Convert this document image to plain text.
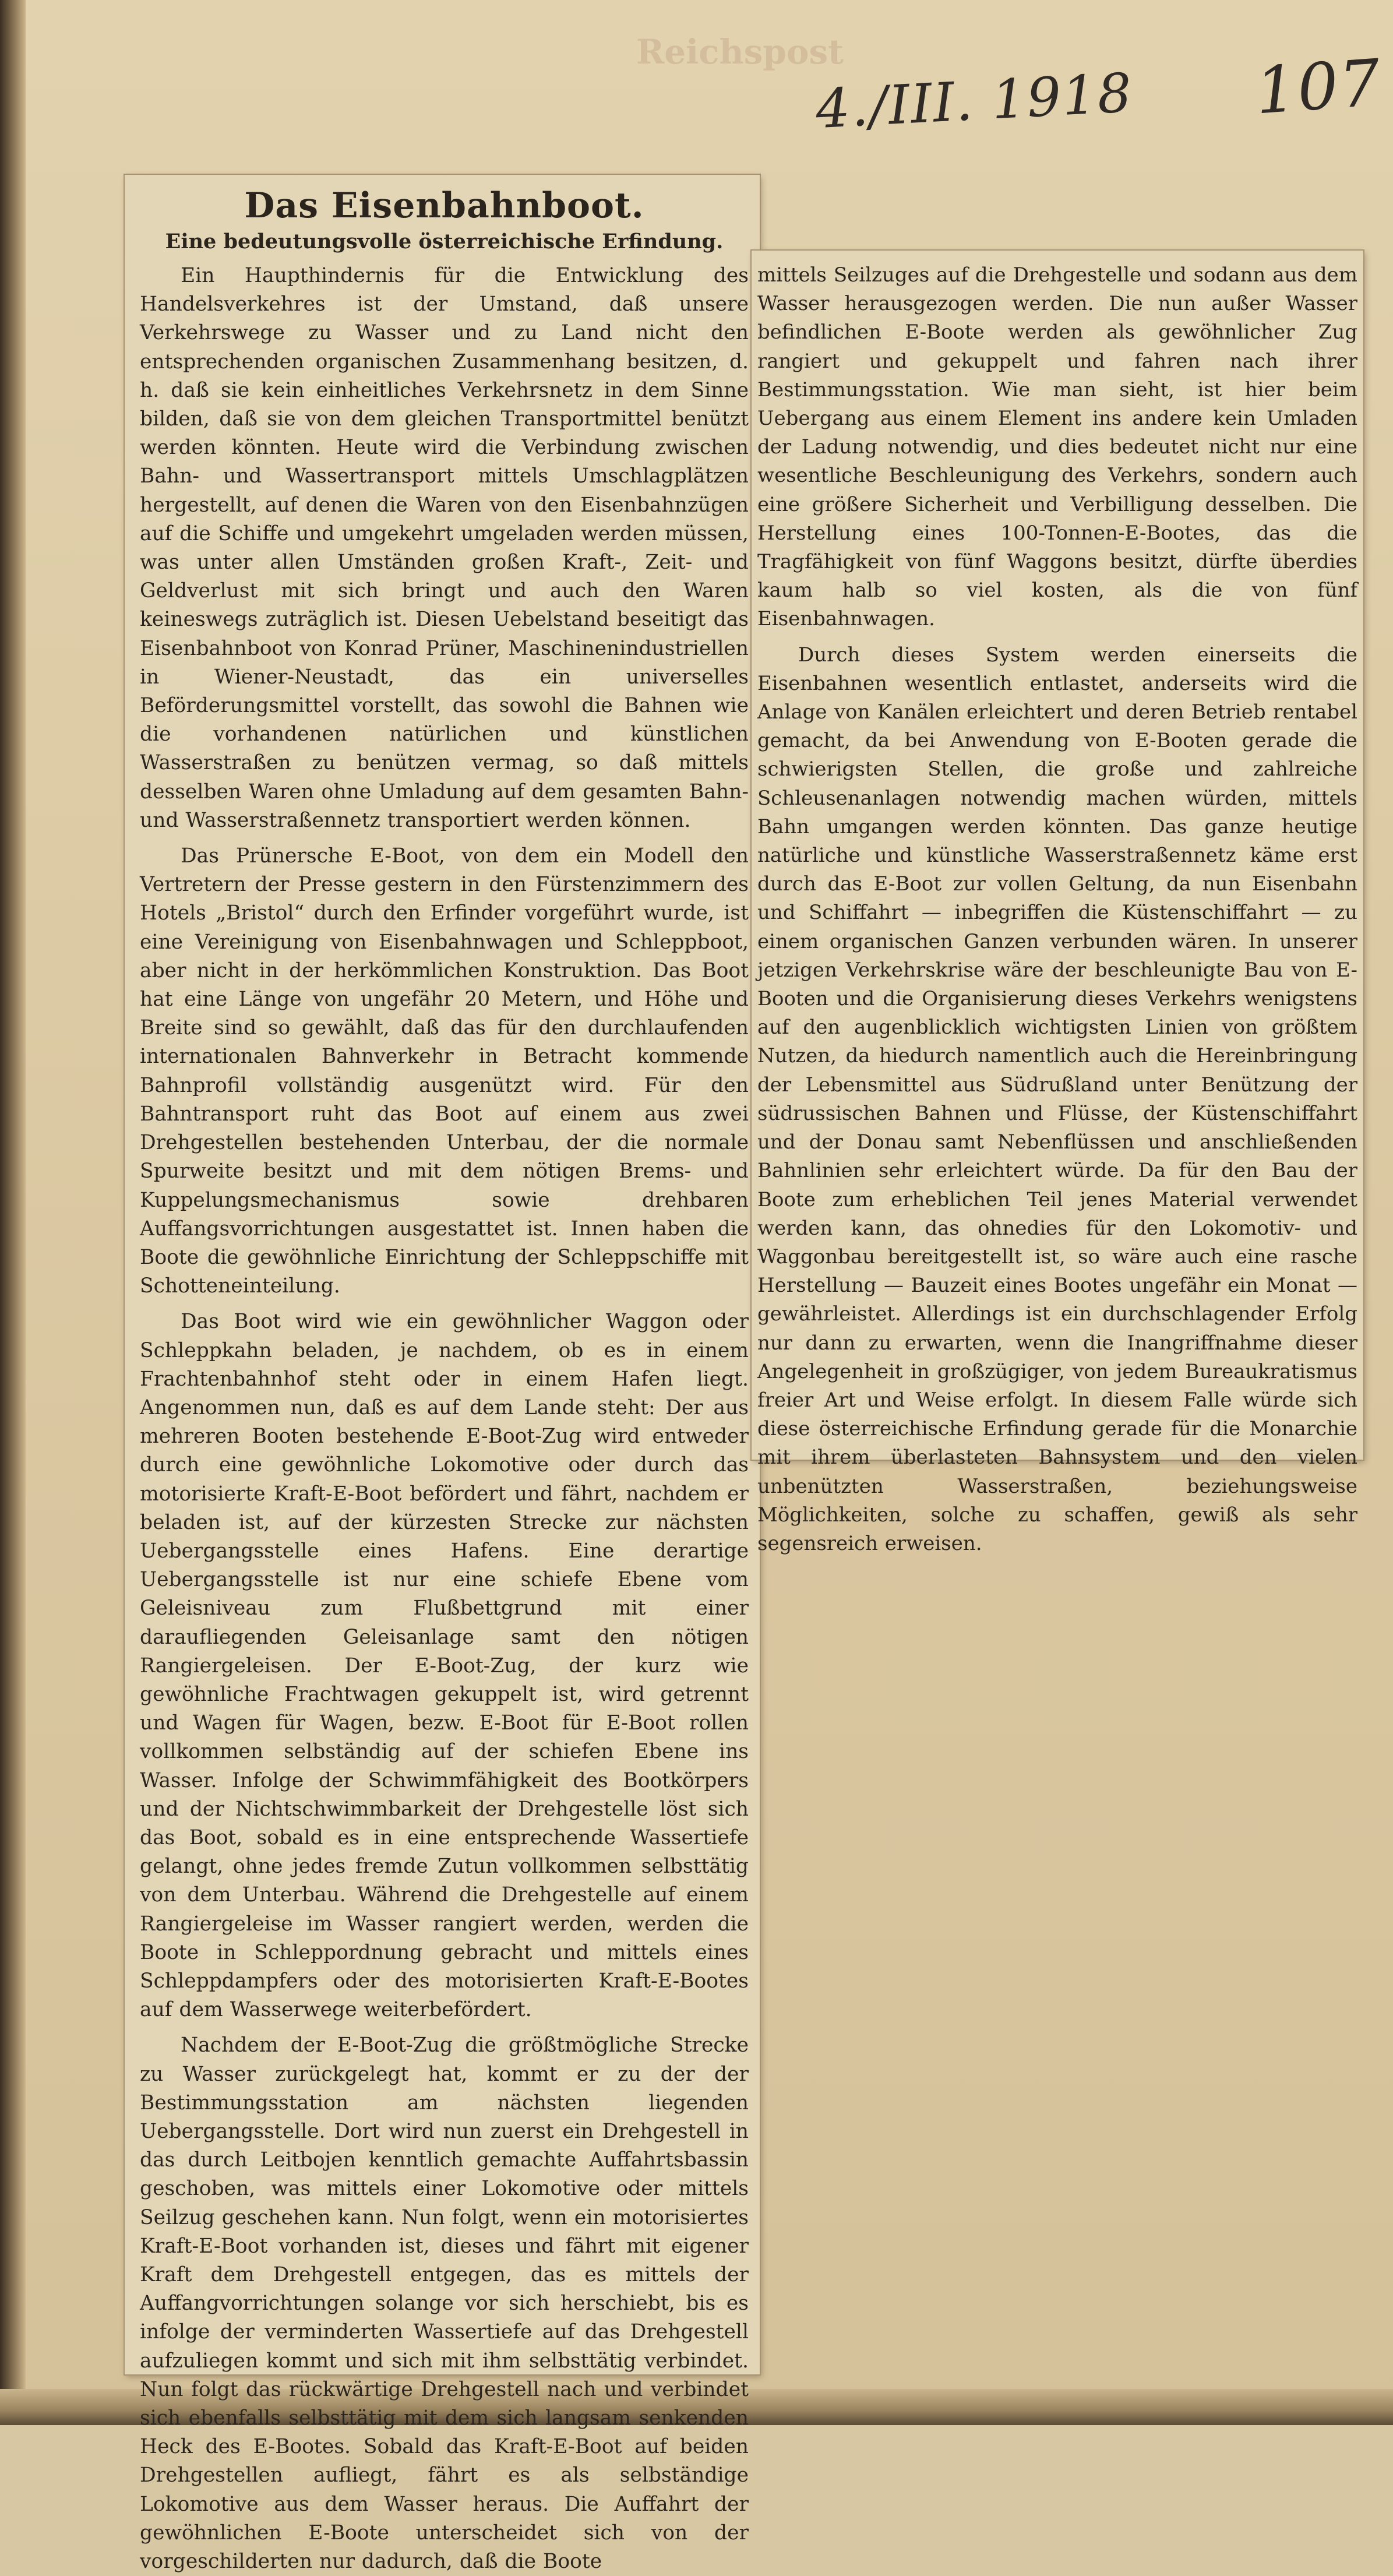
Reichspost
4./III. 1918 107
Das Eisenbahnboot.
Eine bedeutungsvolle österreichische Erfindung.

Ein Haupthindernis für die Entwicklung des Handelsverkehres ist der Umstand, daß unsere Verkehrswege zu Wasser und zu Land nicht den entsprechenden organischen Zusammenhang besitzen, d. h. daß sie kein einheitliches Verkehrsnetz in dem Sinne bilden, daß sie von dem gleichen Transportmittel benützt werden könnten. Heute wird die Verbindung zwischen Bahn- und Wassertransport mittels Umschlagplätzen hergestellt, auf denen die Waren von den Eisenbahnzügen auf die Schiffe und umgekehrt umgeladen werden müssen, was unter allen Umständen großen Kraft-, Zeit- und Geldverlust mit sich bringt und auch den Waren keineswegs zuträglich ist. Diesen Uebelstand beseitigt das Eisenbahnboot von Konrad Prüner, Maschinenindustriellen in Wiener-Neustadt, das ein universelles Beförderungsmittel vorstellt, das sowohl die Bahnen wie die vorhandenen natürlichen und künstlichen Wasserstraßen zu benützen vermag, so daß mittels desselben Waren ohne Umladung auf dem gesamten Bahn- und Wasserstraßennetz transportiert werden können.

Das Prünersche E-Boot, von dem ein Modell den Vertretern der Presse gestern in den Fürstenzimmern des Hotels „Bristol“ durch den Erfinder vorgeführt wurde, ist eine Vereinigung von Eisenbahnwagen und Schleppboot, aber nicht in der herkömmlichen Konstruktion. Das Boot hat eine Länge von ungefähr 20 Metern, und Höhe und Breite sind so gewählt, daß das für den durchlaufenden internationalen Bahnverkehr in Betracht kommende Bahnprofil vollständig ausgenützt wird. Für den Bahntransport ruht das Boot auf einem aus zwei Drehgestellen bestehenden Unterbau, der die normale Spurweite besitzt und mit dem nötigen Brems- und Kuppelungsmechanismus sowie drehbaren Auffangsvorrichtungen ausgestattet ist. Innen haben die Boote die gewöhnliche Einrichtung der Schleppschiffe mit Schotteneinteilung.

Das Boot wird wie ein gewöhnlicher Waggon oder Schleppkahn beladen, je nachdem, ob es in einem Frachtenbahnhof steht oder in einem Hafen liegt. Angenommen nun, daß es auf dem Lande steht: Der aus mehreren Booten bestehende E-Boot-Zug wird entweder durch eine gewöhnliche Lokomotive oder durch das motorisierte Kraft-E-Boot befördert und fährt, nachdem er beladen ist, auf der kürzesten Strecke zur nächsten Uebergangsstelle eines Hafens. Eine derartige Uebergangsstelle ist nur eine schiefe Ebene vom Geleisniveau zum Flußbettgrund mit einer daraufliegenden Geleisanlage samt den nötigen Rangiergeleisen. Der E-Boot-Zug, der kurz wie gewöhnliche Frachtwagen gekuppelt ist, wird getrennt und Wagen für Wagen, bezw. E-Boot für E-Boot rollen vollkommen selbständig auf der schiefen Ebene ins Wasser. Infolge der Schwimmfähigkeit des Bootkörpers und der Nichtschwimmbarkeit der Drehgestelle löst sich das Boot, sobald es in eine entsprechende Wassertiefe gelangt, ohne jedes fremde Zutun vollkommen selbsttätig von dem Unterbau. Während die Drehgestelle auf einem Rangiergeleise im Wasser rangiert werden, werden die Boote in Schleppordnung gebracht und mittels eines Schleppdampfers oder des motorisierten Kraft-E-Bootes auf dem Wasserwege weiterbefördert.

Nachdem der E-Boot-Zug die größtmögliche Strecke zu Wasser zurückgelegt hat, kommt er zu der der Bestimmungsstation am nächsten liegenden Uebergangsstelle. Dort wird nun zuerst ein Drehgestell in das durch Leitbojen kenntlich gemachte Auffahrtsbassin geschoben, was mittels einer Lokomotive oder mittels Seilzug geschehen kann. Nun folgt, wenn ein motorisiertes Kraft-E-Boot vorhanden ist, dieses und fährt mit eigener Kraft dem Drehgestell entgegen, das es mittels der Auffangvorrichtungen solange vor sich herschiebt, bis es infolge der verminderten Wassertiefe auf das Drehgestell aufzuliegen kommt und sich mit ihm selbsttätig verbindet. Nun folgt das rückwärtige Drehgestell nach und verbindet sich ebenfalls selbsttätig mit dem sich langsam senkenden Heck des E-Bootes. Sobald das Kraft-E-Boot auf beiden Drehgestellen aufliegt, fährt es als selbständige Lokomotive aus dem Wasser heraus. Die Auffahrt der gewöhnlichen E-Boote unterscheidet sich von der vorgeschilderten nur dadurch, daß die Boote

mittels Seilzuges auf die Drehgestelle und sodann aus dem Wasser herausgezogen werden. Die nun außer Wasser befindlichen E-Boote werden als gewöhnlicher Zug rangiert und gekuppelt und fahren nach ihrer Bestimmungsstation. Wie man sieht, ist hier beim Uebergang aus einem Element ins andere kein Umladen der Ladung notwendig, und dies bedeutet nicht nur eine wesentliche Beschleunigung des Verkehrs, sondern auch eine größere Sicherheit und Verbilligung desselben. Die Herstellung eines 100-Tonnen-E-Bootes, das die Tragfähigkeit von fünf Waggons besitzt, dürfte überdies kaum halb so viel kosten, als die von fünf Eisenbahnwagen.

Durch dieses System werden einerseits die Eisenbahnen wesentlich entlastet, anderseits wird die Anlage von Kanälen erleichtert und deren Betrieb rentabel gemacht, da bei Anwendung von E-Booten gerade die schwierigsten Stellen, die große und zahlreiche Schleusenanlagen notwendig machen würden, mittels Bahn umgangen werden könnten. Das ganze heutige natürliche und künstliche Wasserstraßennetz käme erst durch das E-Boot zur vollen Geltung, da nun Eisenbahn und Schiffahrt — inbegriffen die Küstenschiffahrt — zu einem organischen Ganzen verbunden wären. In unserer jetzigen Verkehrskrise wäre der beschleunigte Bau von E-Booten und die Organisierung dieses Verkehrs wenigstens auf den augenblicklich wichtigsten Linien von größtem Nutzen, da hiedurch namentlich auch die Hereinbringung der Lebensmittel aus Südrußland unter Benützung der südrussischen Bahnen und Flüsse, der Küstenschiffahrt und der Donau samt Nebenflüssen und anschließenden Bahnlinien sehr erleichtert würde. Da für den Bau der Boote zum erheblichen Teil jenes Material verwendet werden kann, das ohnedies für den Lokomotiv- und Waggonbau bereitgestellt ist, so wäre auch eine rasche Herstellung — Bauzeit eines Bootes ungefähr ein Monat — gewährleistet. Allerdings ist ein durchschlagender Erfolg nur dann zu erwarten, wenn die Inangriffnahme dieser Angelegenheit in großzügiger, von jedem Bureaukratismus freier Art und Weise erfolgt. In diesem Falle würde sich diese österreichische Erfindung gerade für die Monarchie mit ihrem überlasteten Bahnsystem und den vielen unbenützten Wasserstraßen, beziehungsweise Möglichkeiten, solche zu schaffen, gewiß als sehr segensreich erweisen.
